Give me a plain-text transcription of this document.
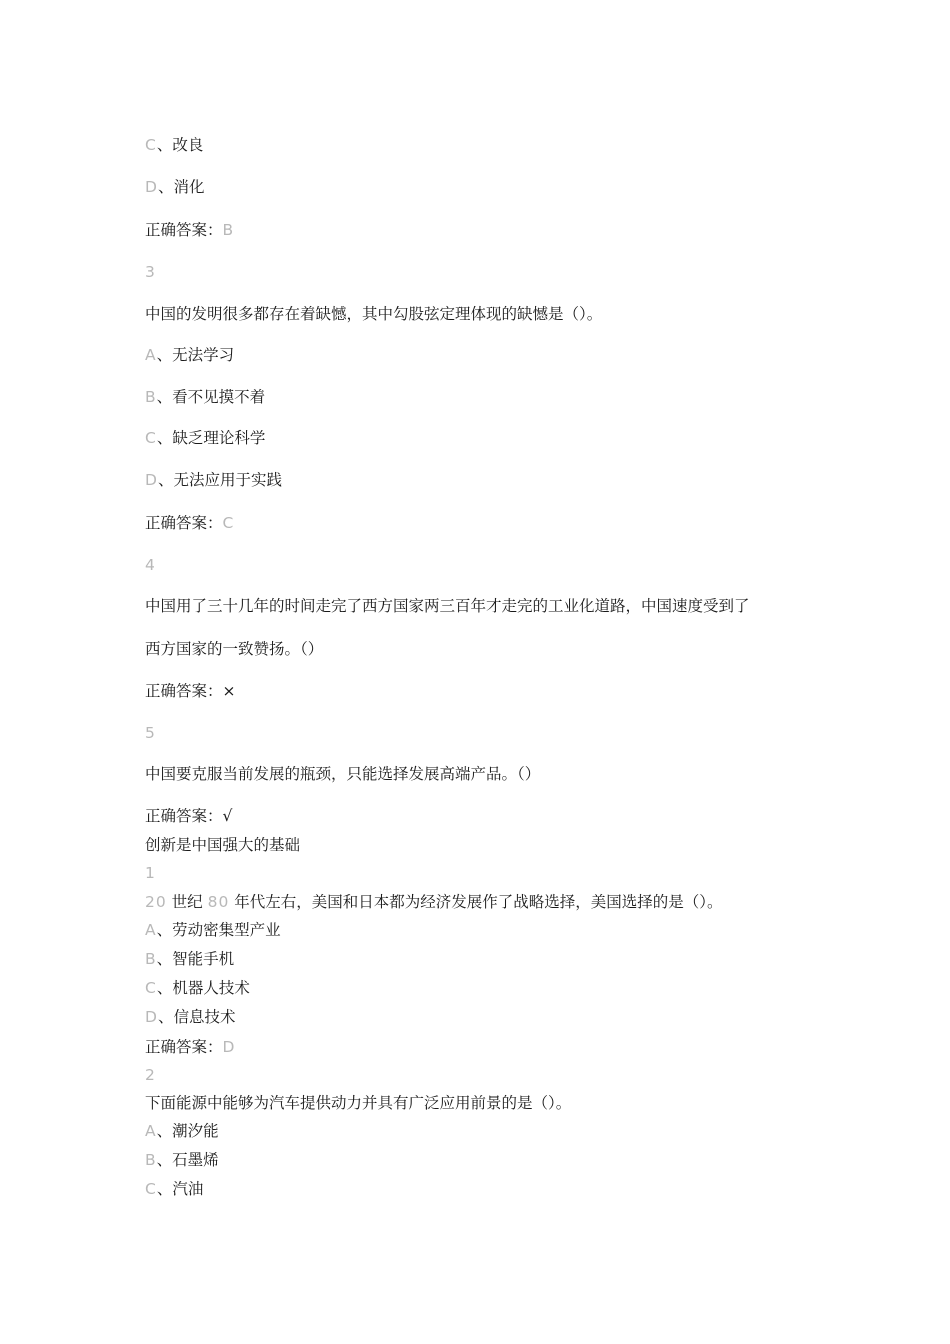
C、改良
D、消化
正确答案：B
3
中国的发明很多都存在着缺憾，其中勾股弦定理体现的缺憾是（）。
A、无法学习
B、看不见摸不着
C、缺乏理论科学
D、无法应用于实践
正确答案：C
4
中国用了三十几年的时间走完了西方国家两三百年才走完的工业化道路，中国速度受到了
西方国家的一致赞扬。（）
正确答案：×
5
中国要克服当前发展的瓶颈，只能选择发展高端产品。（）
正确答案：√
创新是中国强大的基础
1
20 世纪 80 年代左右，美国和日本都为经济发展作了战略选择，美国选择的是（）。
A、劳动密集型产业
B、智能手机
C、机器人技术
D、信息技术
正确答案：D
2
下面能源中能够为汽车提供动力并具有广泛应用前景的是（）。
A、潮汐能
B、石墨烯
C、汽油
